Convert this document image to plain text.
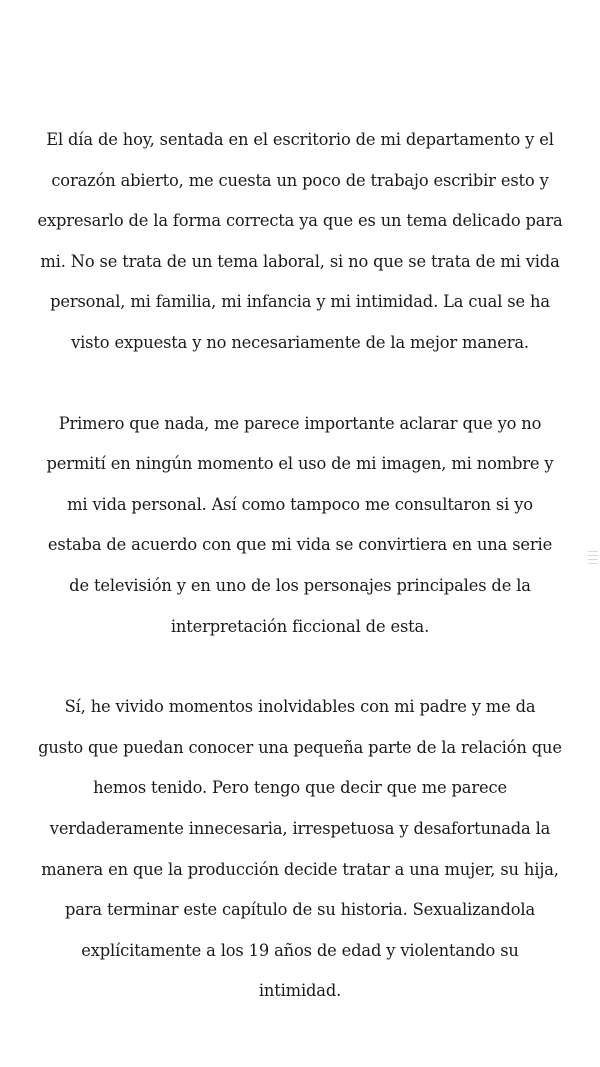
El día de hoy, sentada en el escritorio de mi departamento y el
corazón abierto, me cuesta un poco de trabajo escribir esto y
expresarlo de la forma correcta ya que es un tema delicado para
mi. No se trata de un tema laboral, si no que se trata de mi vida
personal, mi familia, mi infancia y mi intimidad. La cual se ha
visto expuesta y no necesariamente de la mejor manera.
Primero que nada, me parece importante aclarar que yo no
permití en ningún momento el uso de mi imagen, mi nombre y
mi vida personal. Así como tampoco me consultaron si yo
estaba de acuerdo con que mi vida se convirtiera en una serie
de televisión y en uno de los personajes principales de la
interpretación ficcional de esta.
Sí, he vivido momentos inolvidables con mi padre y me da
gusto que puedan conocer una pequeña parte de la relación que
hemos tenido. Pero tengo que decir que me parece
verdaderamente innecesaria, irrespetuosa y desafortunada la
manera en que la producción decide tratar a una mujer, su hija,
para terminar este capítulo de su historia. Sexualizandola
explícitamente a los 19 años de edad y violentando su
intimidad.
